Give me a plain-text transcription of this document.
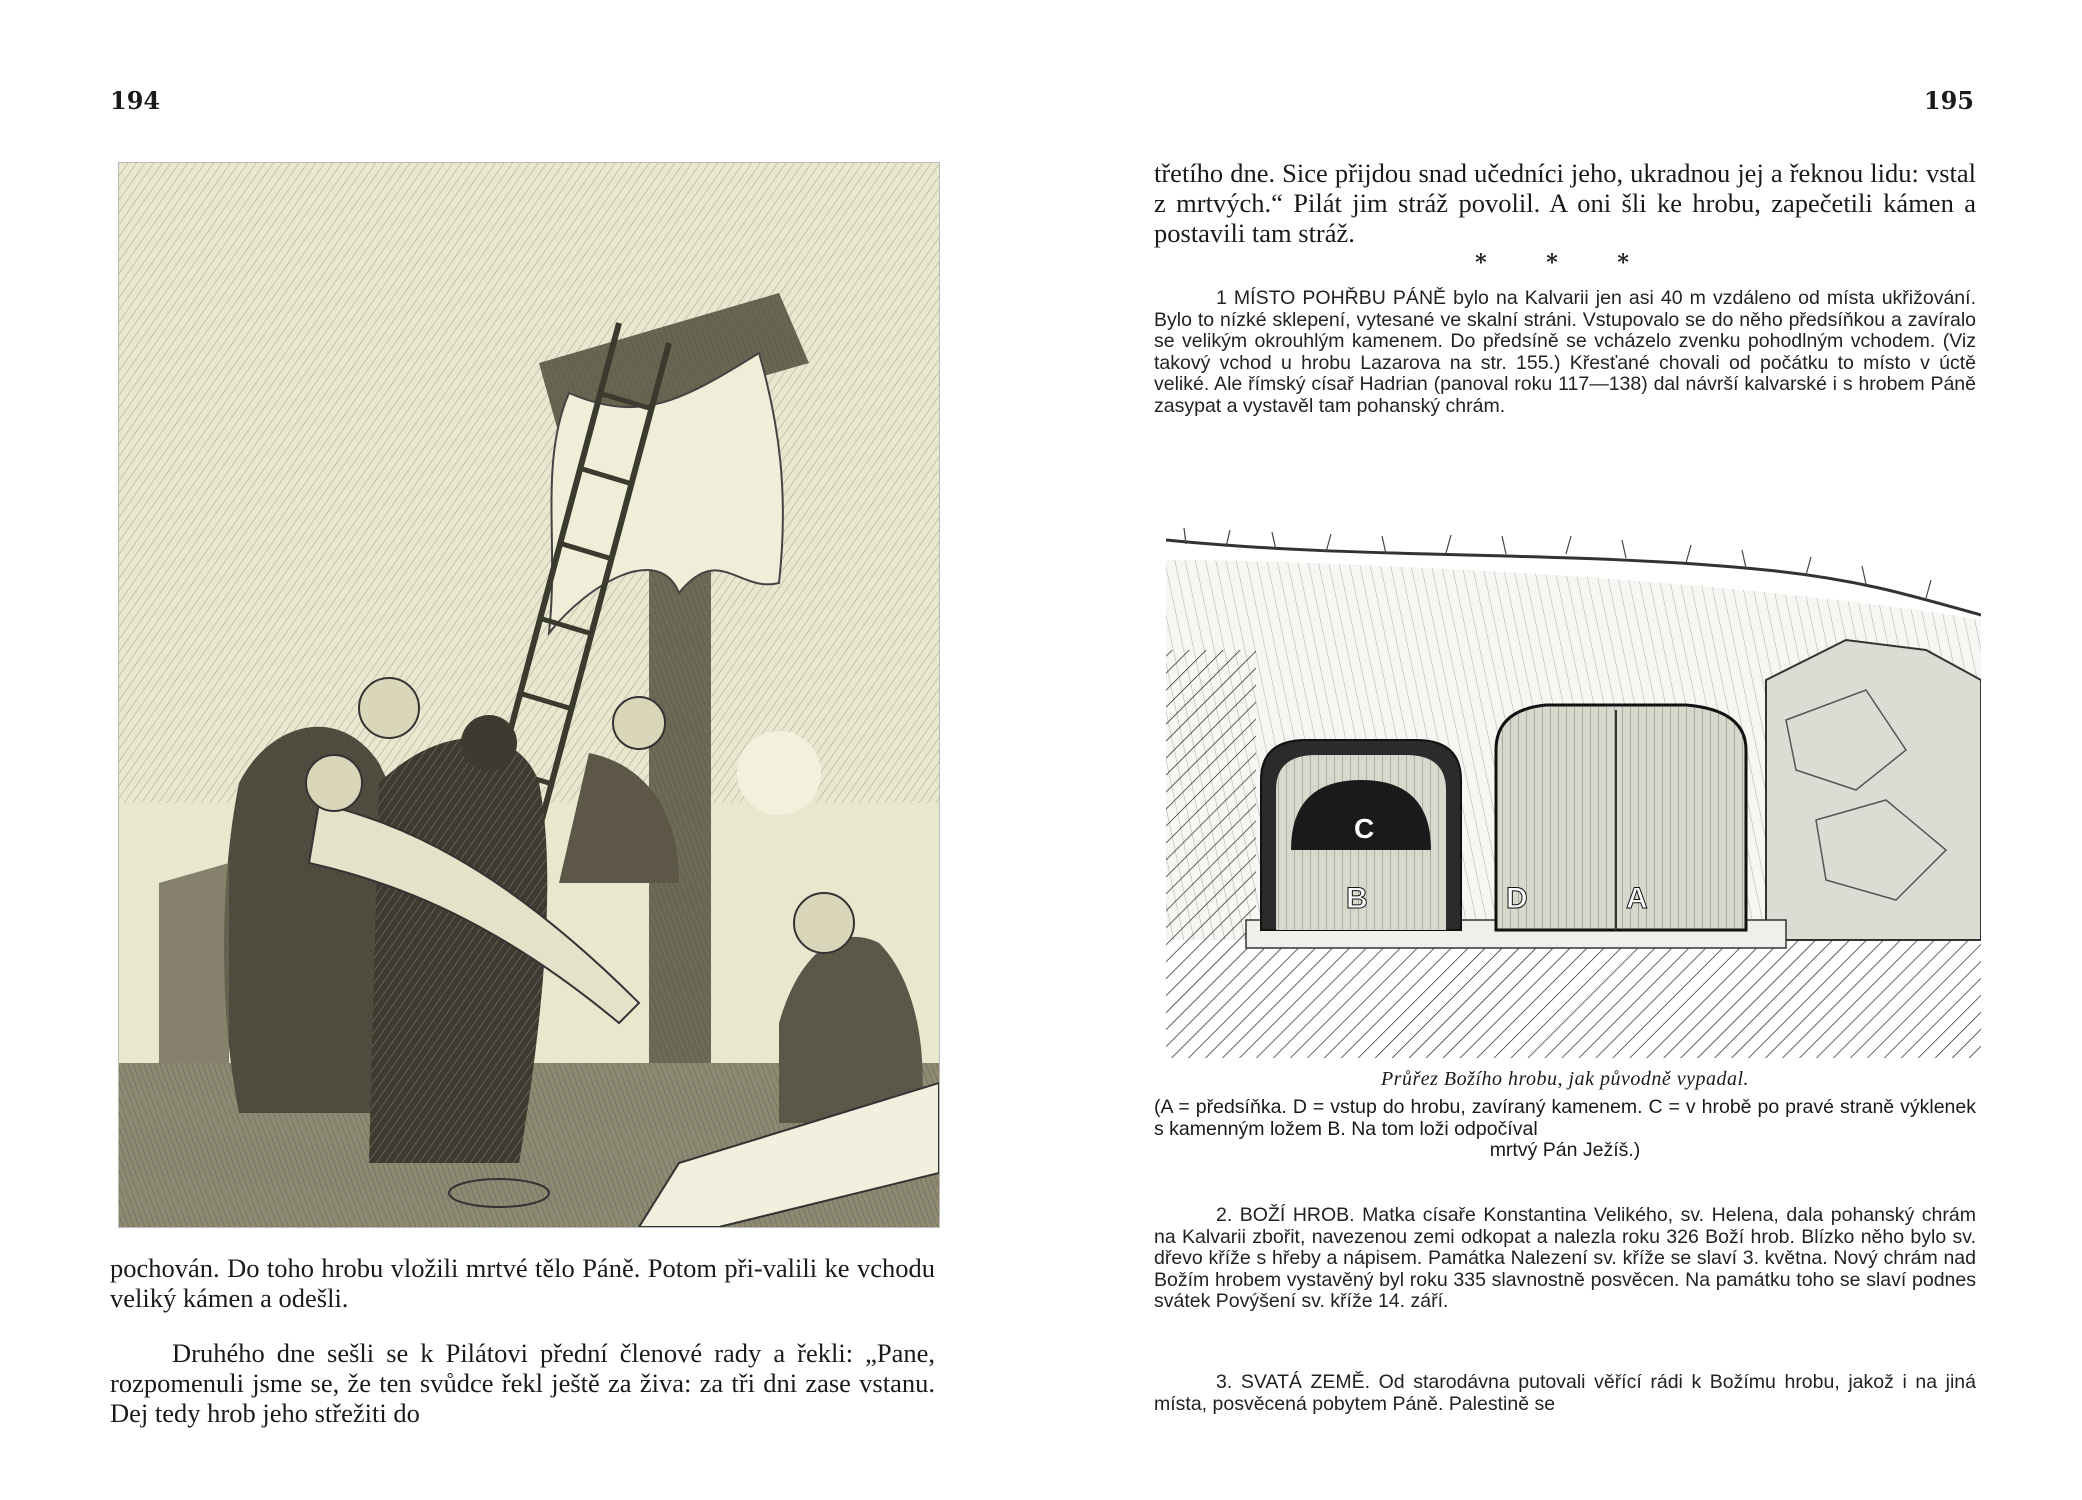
194

pochován. Do toho hrobu vložili mrtvé tělo Páně. Potom při-valili ke vchodu veliký kámen a odešli.

Druhého dne sešli se k Pilátovi přední členové rady a řekli: „Pane, rozpomenuli jsme se, že ten svůdce řekl ještě za živa: za tři dni zase vstanu. Dej tedy hrob jeho střežiti do

195

třetího dne. Sice přijdou snad učedníci jeho, ukradnou jej a řeknou lidu: vstal z mrtvých.“ Pilát jim stráž povolil. A oni šli ke hrobu, zapečetili kámen a postavili tam stráž.

* * *

1 MÍSTO POHŘBU PÁNĚ bylo na Kalvarii jen asi 40 m vzdáleno od místa ukřižování. Bylo to nízké sklepení, vytesané ve skalní stráni. Vstupovalo se do něho předsíňkou a zavíralo se velikým okrouhlým kamenem. Do předsíně se vcházelo zvenku pohodlným vchodem. (Viz takový vchod u hrobu Lazarova na str. 155.) Křesťané chovali od počátku to místo v úctě veliké. Ale římský císař Hadrian (panoval roku 117—138) dal návrší kalvarské i s hrobem Páně zasypat a vystavěl tam pohanský chrám.

C
B	D	A
Průřez Božího hrobu, jak původně vypadal.
(A = předsíňka. D = vstup do hrobu, zavíraný kamenem. C = v hrobě po pravé straně výklenek s kamenným ložem B. Na tom loži odpočíval
mrtvý Pán Ježíš.)

2. BOŽÍ HROB. Matka císaře Konstantina Velikého, sv. Helena, dala pohanský chrám na Kalvarii zbořit, navezenou zemi odkopat a nalezla roku 326 Boží hrob. Blízko něho bylo sv. dřevo kříže s hřeby a nápisem. Památka Nalezení sv. kříže se slaví 3. května. Nový chrám nad Božím hrobem vystavěný byl roku 335 slavnostně posvěcen. Na památku toho se slaví podnes svátek Povýšení sv. kříže 14. září.

3. SVATÁ ZEMĚ. Od starodávna putovali věřící rádi k Božímu hrobu, jakož i na jiná místa, posvěcená pobytem Páně. Palestině se
